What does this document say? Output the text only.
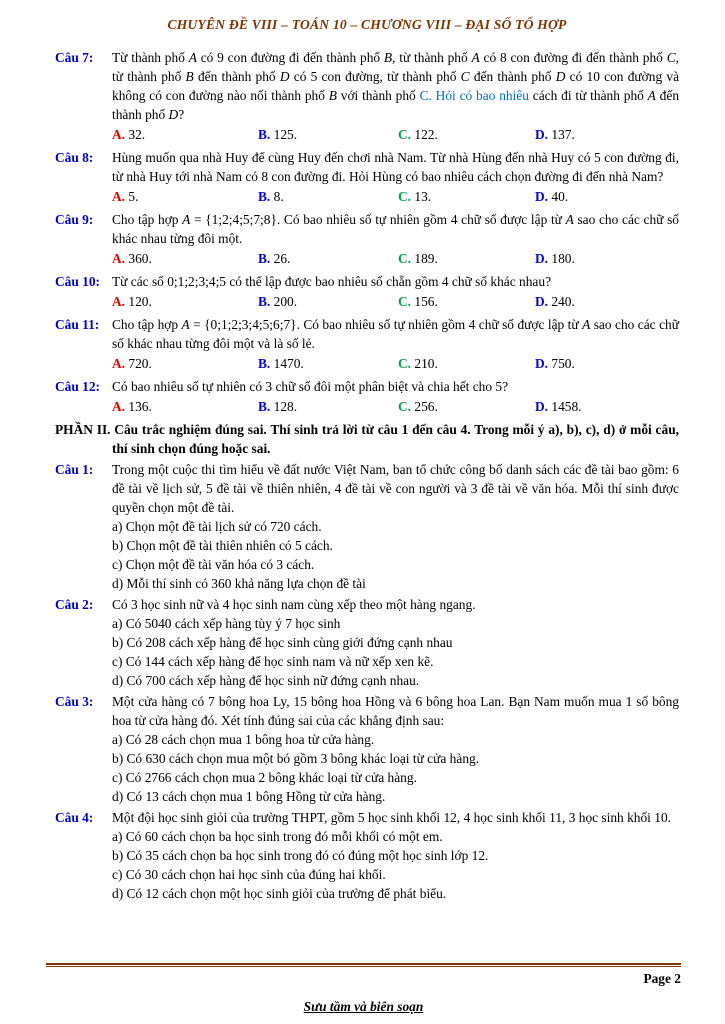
CHUYÊN ĐỀ VIII – TOÁN 10 – CHƯƠNG VIII – ĐẠI SỐ TỔ HỢP
Câu 7:	Từ thành phố A có 9 con đường đi đến thành phố B, từ thành phố A có 8 con đường đi đến thành phố C, từ thành phố B đến thành phố D có 5 con đường, từ thành phố C đến thành phố D có 10 con đường và không có con đường nào nối thành phố B với thành phố C. Hỏi có bao nhiêu cách đi từ thành phố A đến thành phố D?
A. 32.	B. 125.	C. 122.	D. 137.
Câu 8:	Hùng muốn qua nhà Huy để cùng Huy đến chơi nhà Nam. Từ nhà Hùng đến nhà Huy có 5 con đường đi, từ nhà Huy tới nhà Nam có 8 con đường đi. Hỏi Hùng có bao nhiêu cách chọn đường đi đến nhà Nam?
A. 5.	B. 8.	C. 13.	D. 40.
Câu 9:	Cho tập hợp A = {1;2;4;5;7;8}. Có bao nhiêu số tự nhiên gồm 4 chữ số được lập từ A sao cho các chữ số khác nhau từng đôi một.
A. 360.	B. 26.	C. 189.	D. 180.
Câu 10: Từ các số 0;1;2;3;4;5 có thể lập được bao nhiêu số chẵn gồm 4 chữ số khác nhau?
A. 120.	B. 200.	C. 156.	D. 240.
Câu 11: Cho tập hợp A = {0;1;2;3;4;5;6;7}. Có bao nhiêu số tự nhiên gồm 4 chữ số được lập từ A sao cho các chữ số khác nhau từng đôi một và là số lẻ.
A. 720.	B. 1470.	C. 210.	D. 750.
Câu 12: Có bao nhiêu số tự nhiên có 3 chữ số đôi một phân biệt và chia hết cho 5?
A. 136.	B. 128.	C. 256.	D. 1458.
PHẦN II. Câu trắc nghiệm đúng sai. Thí sinh trả lời từ câu 1 đến câu 4. Trong mỗi ý a), b), c), d) ở mỗi câu, thí sinh chọn đúng hoặc sai.
Câu 1:	Trong một cuộc thi tìm hiểu về đất nước Việt Nam, ban tổ chức công bố danh sách các đề tài bao gồm: 6 đề tài về lịch sử, 5 đề tài về thiên nhiên, 4 đề tài về con người và 3 đề tài về văn hóa. Mỗi thí sinh được quyền chọn một đề tài.
a) Chọn một đề tài lịch sử có 720 cách.
b) Chọn một đề tài thiên nhiên có 5 cách.
c) Chọn một đề tài văn hóa có 3 cách.
d) Mỗi thí sinh có 360 khả năng lựa chọn đề tài
Câu 2:	Có 3 học sinh nữ và 4 học sinh nam cùng xếp theo một hàng ngang.
a) Có 5040 cách xếp hàng tùy ý 7 học sinh
b) Có 208 cách xếp hàng để học sinh cùng giới đứng cạnh nhau
c) Có 144 cách xếp hàng để học sinh nam và nữ xếp xen kẽ.
d) Có 700 cách xếp hàng để học sinh nữ đứng cạnh nhau.
Câu 3:	Một cửa hàng có 7 bông hoa Ly, 15 bông hoa Hồng và 6 bông hoa Lan. Bạn Nam muốn mua 1 số bông hoa từ cửa hàng đó. Xét tính đúng sai của các khẳng định sau:
a) Có 28 cách chọn mua 1 bông hoa từ cửa hàng.
b) Có 630 cách chọn mua một bó gồm 3 bông khác loại từ cửa hàng.
c) Có 2766 cách chọn mua 2 bông khác loại từ cửa hàng.
d) Có 13 cách chọn mua 1 bông Hồng từ cửa hàng.
Câu 4:	Một đội học sinh giỏi của trường THPT, gồm 5 học sinh khối 12, 4 học sinh khối 11, 3 học sinh khối 10.
a) Có 60 cách chọn ba học sinh trong đó mỗi khối có một em.
b) Có 35 cách chọn ba học sinh trong đó có đúng một học sinh lớp 12.
c) Có 30 cách chọn hai học sinh của đúng hai khối.
d) Có 12 cách chọn một học sinh giỏi của trường để phát biểu.
Page 2
Sưu tầm và biên soạn
